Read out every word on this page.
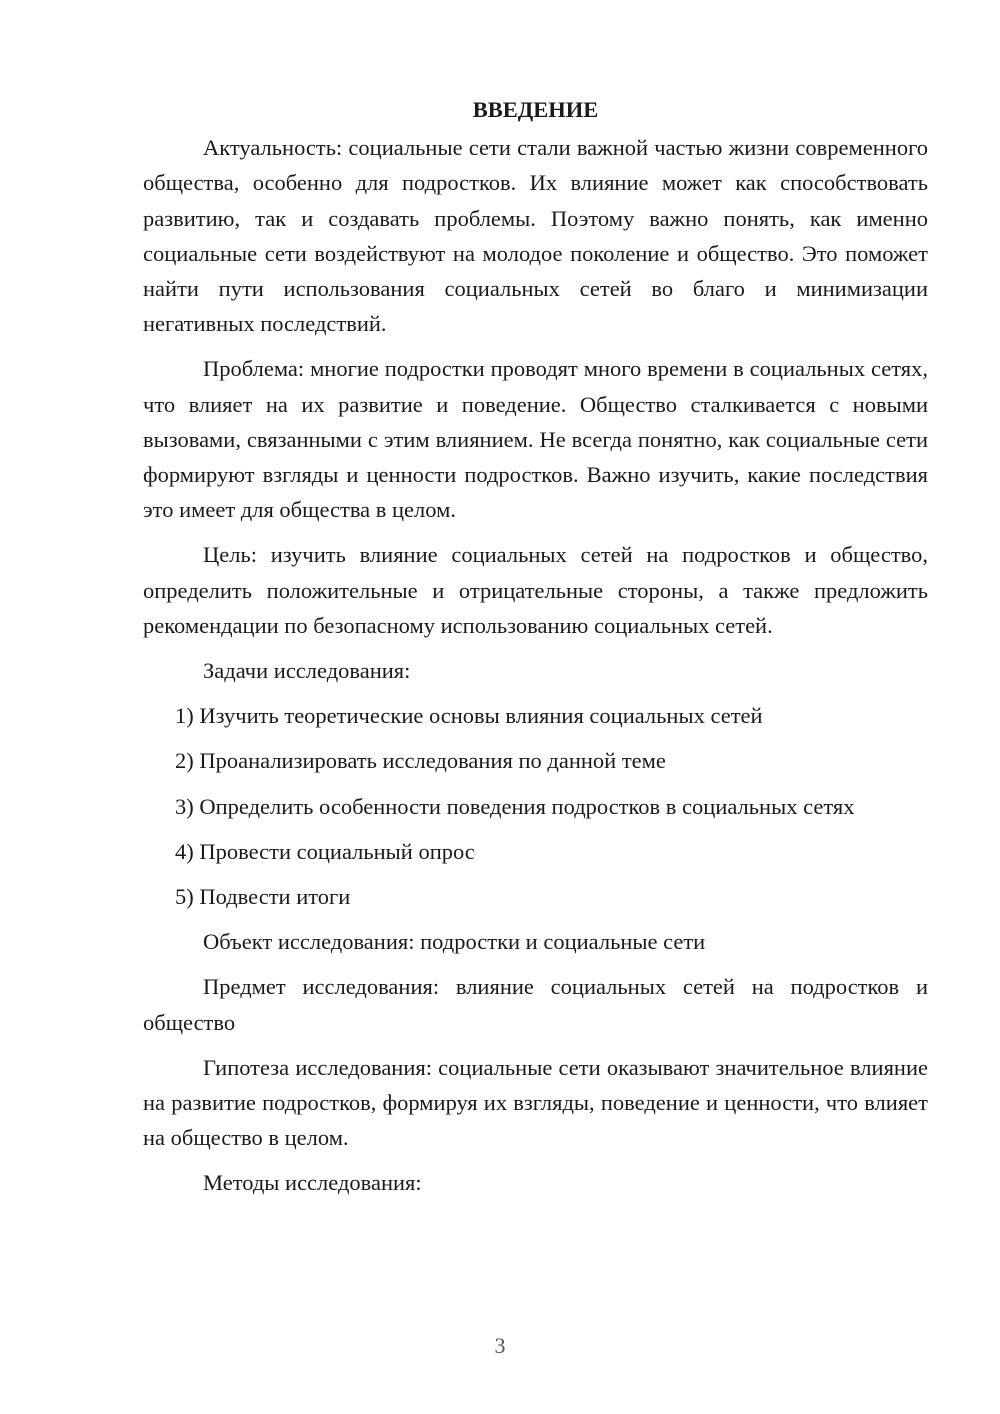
ВВЕДЕНИЕ

Актуальность: социальные сети стали важной частью жизни современного общества, особенно для подростков. Их влияние может как способствовать развитию, так и создавать проблемы. Поэтому важно понять, как именно социальные сети воздействуют на молодое поколение и общество. Это поможет найти пути использования социальных сетей во благо и минимизации негативных последствий.

Проблема: многие подростки проводят много времени в социальных сетях, что влияет на их развитие и поведение. Общество сталкивается с новыми вызовами, связанными с этим влиянием. Не всегда понятно, как социальные сети формируют взгляды и ценности подростков. Важно изучить, какие последствия это имеет для общества в целом.

Цель: изучить влияние социальных сетей на подростков и общество, определить положительные и отрицательные стороны, а также предложить рекомендации по безопасному использованию социальных сетей.

Задачи исследования:

1) Изучить теоретические основы влияния социальных сетей
2) Проанализировать исследования по данной теме
3) Определить особенности поведения подростков в социальных сетях
4) Провести социальный опрос
5) Подвести итоги

Объект исследования: подростки и социальные сети

Предмет исследования: влияние социальных сетей на подростков и общество

Гипотеза исследования: социальные сети оказывают значительное влияние на развитие подростков, формируя их взгляды, поведение и ценности, что влияет на общество в целом.

Методы исследования:

3
